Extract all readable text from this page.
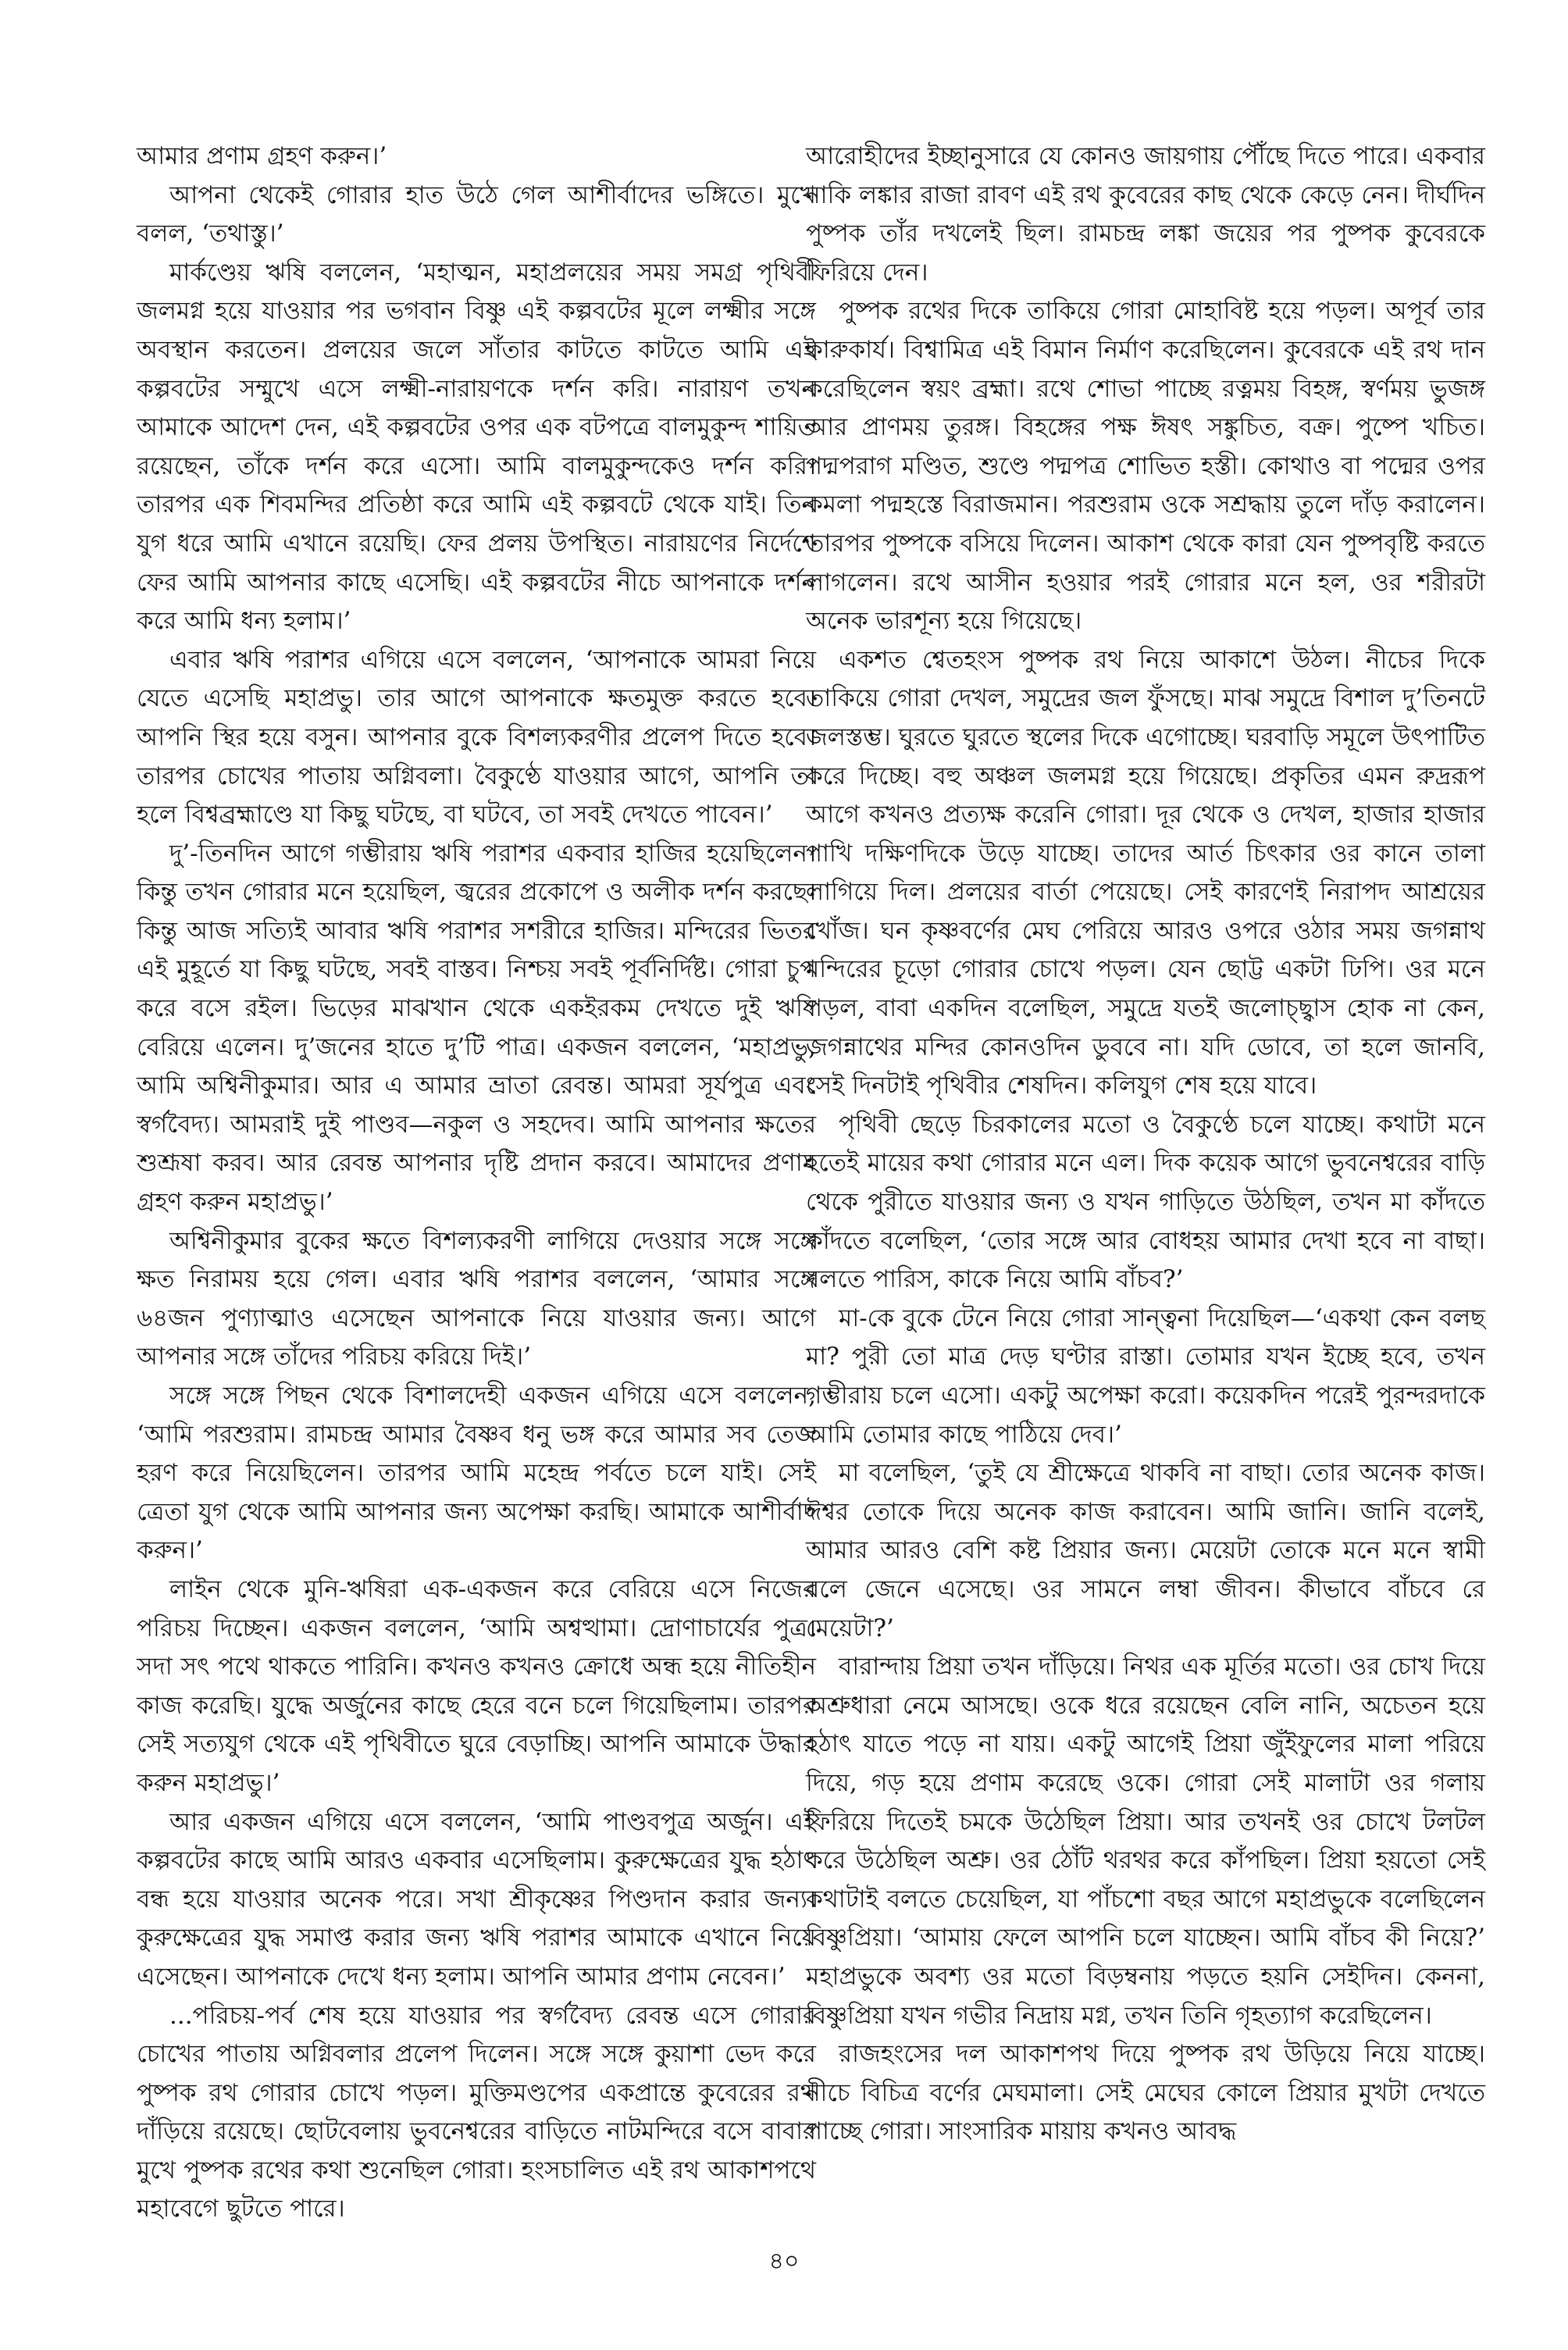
আমার প্রণাম গ্রহণ করুন।’

আপনা থেকেই গোরার হাত উঠে গেল আশীর্বাদের ভঙ্গিতে। মুখে বলল, ‘তথাস্তু।’

মার্কণ্ডেয় ঋষি বললেন, ‘মহাত্মন, মহাপ্রলয়ের সময় সমগ্র পৃথিবী জলমগ্ন হয়ে যাওয়ার পর ভগবান বিষ্ণু এই কল্পবটের মূলে লক্ষ্মীর সঙ্গে অবস্থান করতেন। প্রলয়ের জলে সাঁতার কাটতে কাটতে আমি এই কল্পবটের সম্মুখে এসে লক্ষ্মী-নারায়ণকে দর্শন করি। নারায়ণ তখন আমাকে আদেশ দেন, এই কল্পবটের ওপর এক বটপত্রে বালমুকুন্দ শায়িত রয়েছেন, তাঁকে দর্শন করে এসো। আমি বালমুকুন্দকেও দর্শন করি। তারপর এক শিবমন্দির প্রতিষ্ঠা করে আমি এই কল্পবটে থেকে যাই। তিন যুগ ধরে আমি এখানে রয়েছি। ফের প্রলয় উপস্থিত। নারায়ণের নির্দেশে ফের আমি আপনার কাছে এসেছি। এই কল্পবটের নীচে আপনাকে দর্শন করে আমি ধন্য হলাম।’

এবার ঋষি পরাশর এগিয়ে এসে বললেন, ‘আপনাকে আমরা নিয়ে যেতে এসেছি মহাপ্রভু। তার আগে আপনাকে ক্ষতমুক্ত করতে হবে। আপনি স্থির হয়ে বসুন। আপনার বুকে বিশল্যকরণীর প্রলেপ দিতে হবে। তারপর চোখের পাতায় অগ্নিবলা। বৈকুণ্ঠে যাওয়ার আগে, আপনি তা হলে বিশ্বব্রহ্মাণ্ডে যা কিছু ঘটছে, বা ঘটবে, তা সবই দেখতে পাবেন।’

দু’-তিনদিন আগে গম্ভীরায় ঋষি পরাশর একবার হাজির হয়েছিলেন। কিন্তু তখন গোরার মনে হয়েছিল, জ্বরের প্রকোপে ও অলীক দর্শন করছে। কিন্তু আজ সত্যিই আবার ঋষি পরাশর সশরীরে হাজির। মন্দিরের ভিতর এই মুহূর্তে যা কিছু ঘটছে, সবই বাস্তব। নিশ্চয় সবই পূর্বনির্দিষ্ট। গোরা চুপ করে বসে রইল। ভিড়ের মাঝখান থেকে একইরকম দেখতে দুই ঋষি বেরিয়ে এলেন। দু’জনের হাতে দু’টি পাত্র। একজন বললেন, ‘মহাপ্রভু, আমি অশ্বিনীকুমার। আর এ আমার ভ্রাতা রেবন্ত। আমরা সূর্যপুত্র এবং স্বর্গবৈদ্য। আমরাই দুই পাণ্ডব—নকুল ও সহদেব। আমি আপনার ক্ষতের শুশ্রূষা করব। আর রেবন্ত আপনার দৃষ্টি প্রদান করবে। আমাদের প্রণাম গ্রহণ করুন মহাপ্রভু।’

অশ্বিনীকুমার বুকের ক্ষতে বিশল্যকরণী লাগিয়ে দেওয়ার সঙ্গে সঙ্গে ক্ষত নিরাময় হয়ে গেল। এবার ঋষি পরাশর বললেন, ‘আমার সঙ্গে ৬৪জন পুণ্যাত্মাও এসেছেন আপনাকে নিয়ে যাওয়ার জন্য। আগে আপনার সঙ্গে তাঁদের পরিচয় করিয়ে দিই।’

সঙ্গে সঙ্গে পিছন থেকে বিশালদেহী একজন এগিয়ে এসে বললেন, ‘আমি পরশুরাম। রামচন্দ্র আমার বৈষ্ণব ধনু ভঙ্গ করে আমার সব তেজ হরণ করে নিয়েছিলেন। তারপর আমি মহেন্দ্র পর্বতে চলে যাই। সেই ত্রেতা যুগ থেকে আমি আপনার জন্য অপেক্ষা করছি। আমাকে আশীর্বাদ করুন।’

লাইন থেকে মুনি-ঋষিরা এক-একজন করে বেরিয়ে এসে নিজের পরিচয় দিচ্ছেন। একজন বললেন, ‘আমি অশ্বত্থামা। দ্রোণাচার্যের পুত্র। সদা সৎ পথে থাকতে পারিনি। কখনও কখনও ক্রোধে অন্ধ হয়ে নীতিহীন কাজ করেছি। যুদ্ধে অর্জুনের কাছে হেরে বনে চলে গিয়েছিলাম। তারপর সেই সত্যযুগ থেকে এই পৃথিবীতে ঘুরে বেড়াচ্ছি। আপনি আমাকে উদ্ধার করুন মহাপ্রভু।’

আর একজন এগিয়ে এসে বললেন, ‘আমি পাণ্ডবপুত্র অর্জুন। এই কল্পবটের কাছে আমি আরও একবার এসেছিলাম। কুরুক্ষেত্রের যুদ্ধ হঠাৎ বন্ধ হয়ে যাওয়ার অনেক পরে। সখা শ্রীকৃষ্ণের পিণ্ডদান করার জন্য। কুরুক্ষেত্রের যুদ্ধ সমাপ্ত করার জন্য ঋষি পরাশর আমাকে এখানে নিয়ে এসেছেন। আপনাকে দেখে ধন্য হলাম। আপনি আমার প্রণাম নেবেন।’

...পরিচয়-পর্ব শেষ হয়ে যাওয়ার পর স্বর্গবৈদ্য রেবন্ত এসে গোরার চোখের পাতায় অগ্নিবলার প্রলেপ দিলেন। সঙ্গে সঙ্গে কুয়াশা ভেদ করে পুষ্পক রথ গোরার চোখে পড়ল। মুক্তিমণ্ডপের একপ্রান্তে কুবেরের রথ দাঁড়িয়ে রয়েছে। ছোটবেলায় ভুবনেশ্বরের বাড়িতে নাটমন্দিরে বসে বাবার মুখে পুষ্পক রথের কথা শুনেছিল গোরা। হংসচালিত এই রথ আকাশপথে মহাবেগে ছুটতে পারে।

আরোহীদের ইচ্ছানুসারে যে কোনও জায়গায় পৌঁছে দিতে পারে। একবার নাকি লঙ্কার রাজা রাবণ এই রথ কুবেরের কাছ থেকে কেড়ে নেন। দীর্ঘদিন পুষ্পক তাঁর দখলেই ছিল। রামচন্দ্র লঙ্কা জয়ের পর পুষ্পক কুবেরকে ফিরিয়ে দেন।

পুষ্পক রথের দিকে তাকিয়ে গোরা মোহাবিষ্ট হয়ে পড়ল। অপূর্ব তার কারুকার্য। বিশ্বামিত্র এই বিমান নির্মাণ করেছিলেন। কুবেরকে এই রথ দান করেছিলেন স্বয়ং ব্রহ্মা। রথে শোভা পাচ্ছে রত্নময় বিহঙ্গ, স্বর্ণময় ভুজঙ্গ আর প্রাণময় তুরঙ্গ। বিহঙ্গের পক্ষ ঈষৎ সঙ্কুচিত, বক্র। পুষ্পে খচিত। পদ্মপরাগ মণ্ডিত, শুণ্ডে পদ্মপত্র শোভিত হস্তী। কোথাও বা পদ্মের ওপর কমলা পদ্মহস্তে বিরাজমান। পরশুরাম ওকে সশ্রদ্ধায় তুলে দাঁড় করালেন। তারপর পুষ্পকে বসিয়ে দিলেন। আকাশ থেকে কারা যেন পুষ্পবৃষ্টি করতে লাগলেন। রথে আসীন হওয়ার পরই গোরার মনে হল, ওর শরীরটা অনেক ভারশূন্য হয়ে গিয়েছে।

একশত শ্বেতহংস পুষ্পক রথ নিয়ে আকাশে উঠল। নীচের দিকে তাকিয়ে গোরা দেখল, সমুদ্রের জল ফুঁসছে। মাঝ সমুদ্রে বিশাল দু’তিনটে জলস্তম্ভ। ঘুরতে ঘুরতে স্থলের দিকে এগোচ্ছে। ঘরবাড়ি সমূলে উৎপাটিত করে দিচ্ছে। বহু অঞ্চল জলমগ্ন হয়ে গিয়েছে। প্রকৃতির এমন রুদ্ররূপ আগে কখনও প্রত্যক্ষ করেনি গোরা। দূর থেকে ও দেখল, হাজার হাজার পাখি দক্ষিণদিকে উড়ে যাচ্ছে। তাদের আর্ত চিৎকার ওর কানে তালা লাগিয়ে দিল। প্রলয়ের বার্তা পেয়েছে। সেই কারণেই নিরাপদ আশ্রয়ের খোঁজ। ঘন কৃষ্ণবর্ণের মেঘ পেরিয়ে আরও ওপরে ওঠার সময় জগন্নাথ মন্দিরের চূড়ো গোরার চোখে পড়ল। যেন ছোট্ট একটা ঢিপি। ওর মনে পড়ল, বাবা একদিন বলেছিল, সমুদ্রে যতই জলোচ্ছ্বাস হোক না কেন, জগন্নাথের মন্দির কোনওদিন ডুববে না। যদি ডোবে, তা হলে জানবি, সেই দিনটাই পৃথিবীর শেষদিন। কলিযুগ শেষ হয়ে যাবে।

পৃথিবী ছেড়ে চিরকালের মতো ও বৈকুণ্ঠে চলে যাচ্ছে। কথাটা মনে হতেই মায়ের কথা গোরার মনে এল। দিক কয়েক আগে ভুবনেশ্বরের বাড়ি থেকে পুরীতে যাওয়ার জন্য ও যখন গাড়িতে উঠছিল, তখন মা কাঁদতে কাঁদতে বলেছিল, ‘তোর সঙ্গে আর বোধহয় আমার দেখা হবে না বাছা। বলতে পারিস, কাকে নিয়ে আমি বাঁচব?’

মা-কে বুকে টেনে নিয়ে গোরা সান্ত্বনা দিয়েছিল—‘একথা কেন বলছ মা? পুরী তো মাত্র দেড় ঘণ্টার রাস্তা। তোমার যখন ইচ্ছে হবে, তখন গম্ভীরায় চলে এসো। একটু অপেক্ষা করো। কয়েকদিন পরেই পুরন্দরদাকে আমি তোমার কাছে পাঠিয়ে দেব।’

মা বলেছিল, ‘তুই যে শ্রীক্ষেত্রে থাকবি না বাছা। তোর অনেক কাজ। ঈশ্বর তোকে দিয়ে অনেক কাজ করাবেন। আমি জানি। জানি বলেই, আমার আরও বেশি কষ্ট প্রিয়ার জন্য। মেয়েটা তোকে মনে মনে স্বামী বলে জেনে এসেছে। ওর সামনে লম্বা জীবন। কীভাবে বাঁচবে রে মেয়েটা?’

বারান্দায় প্রিয়া তখন দাঁড়িয়ে। নিথর এক মূর্তির মতো। ওর চোখ দিয়ে অশ্রুধারা নেমে আসছে। ওকে ধরে রয়েছেন বেলি নানি, অচেতন হয়ে হঠাৎ যাতে পড়ে না যায়। একটু আগেই প্রিয়া জুঁইফুলের মালা পরিয়ে দিয়ে, গড় হয়ে প্রণাম করেছে ওকে। গোরা সেই মালাটা ওর গলায় ফিরিয়ে দিতেই চমকে উঠেছিল প্রিয়া। আর তখনই ওর চোখে টলটল করে উঠেছিল অশ্রু। ওর ঠোঁট থরথর করে কাঁপছিল। প্রিয়া হয়তো সেই কথাটাই বলতে চেয়েছিল, যা পাঁচশো বছর আগে মহাপ্রভুকে বলেছিলেন বিষ্ণুপ্রিয়া। ‘আমায় ফেলে আপনি চলে যাচ্ছেন। আমি বাঁচব কী নিয়ে?’ মহাপ্রভুকে অবশ্য ওর মতো বিড়ম্বনায় পড়তে হয়নি সেইদিন। কেননা, বিষ্ণুপ্রিয়া যখন গভীর নিদ্রায় মগ্ন, তখন তিনি গৃহত্যাগ করেছিলেন।

রাজহংসের দল আকাশপথ দিয়ে পুষ্পক রথ উড়িয়ে নিয়ে যাচ্ছে। নীচে বিচিত্র বর্ণের মেঘমালা। সেই মেঘের কোলে প্রিয়ার মুখটা দেখতে পাচ্ছে গোরা। সাংসারিক মায়ায় কখনও আবদ্ধ

৪০
